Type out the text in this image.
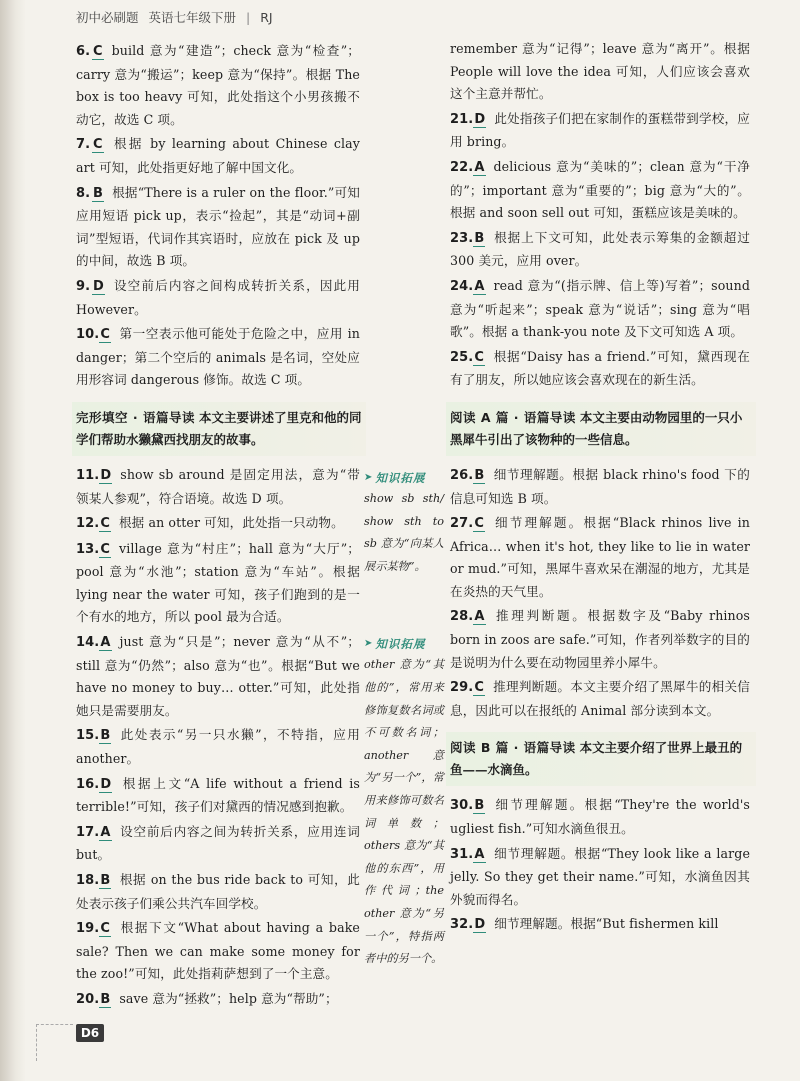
初中必刷题 英语七年级下册 | RJ
6. C build 意为“建造”；check 意为“检查”；carry 意为“搬运”；keep 意为“保持”。根据 The box is too heavy 可知，此处指这个小男孩搬不动它，故选 C 项。
7. C 根据 by learning about Chinese clay art 可知，此处指更好地了解中国文化。
8. B 根据“There is a ruler on the floor.”可知应用短语 pick up，表示“捡起”，其是“动词+副词”型短语，代词作其宾语时，应放在 pick 及 up 的中间，故选 B 项。
9. D 设空前后内容之间构成转折关系，因此用 However。
10.C 第一空表示他可能处于危险之中，应用 in danger；第二个空后的 animals 是名词，空处应用形容词 dangerous 修饰。故选 C 项。
完形填空 · 语篇导读 本文主要讲述了里克和他的同学们帮助水獭黛西找朋友的故事。
11.D show sb around 是固定用法，意为“带领某人参观”，符合语境。故选 D 项。
12.C 根据 an otter 可知，此处指一只动物。
13.C village 意为“村庄”；hall 意为“大厅”；pool 意为“水池”；station 意为“车站”。根据 lying near the water 可知，孩子们跑到的是一个有水的地方，所以 pool 最为合适。
14.A just 意为“只是”；never 意为“从不”；still 意为“仍然”；also 意为“也”。根据“But we have no money to buy… otter.”可知，此处指她只是需要朋友。
15.B 此处表示“另一只水獭”，不特指，应用 another。
16.D 根据上文“A life without a friend is terrible!”可知，孩子们对黛西的情况感到抱歉。
17.A 设空前后内容之间为转折关系，应用连词 but。
18.B 根据 on the bus ride back to 可知，此处表示孩子们乘公共汽车回学校。
19.C 根据下文“What about having a bake sale? Then we can make some money for the zoo!”可知，此处指莉萨想到了一个主意。
20.B save 意为“拯救”；help 意为“帮助”；
➤ 知识拓展
show sb sth/ show sth to sb 意为“向某人展示某物”。
➤ 知识拓展
other 意为“其他的”，常用来修饰复数名词或不可数名词；another 意为“另一个”，常用来修饰可数名词单数；others 意为“其他的东西”，用作代词；the other 意为“另一个”，特指两者中的另一个。
remember 意为“记得”；leave 意为“离开”。根据 People will love the idea 可知，人们应该会喜欢这个主意并帮忙。
21.D 此处指孩子们把在家制作的蛋糕带到学校，应用 bring。
22.A delicious 意为“美味的”；clean 意为“干净的”；important 意为“重要的”；big 意为“大的”。根据 and soon sell out 可知，蛋糕应该是美味的。
23.B 根据上下文可知，此处表示筹集的金额超过 300 美元，应用 over。
24.A read 意为“(指示牌、信上等)写着”；sound 意为“听起来”；speak 意为“说话”；sing 意为“唱歌”。根据 a thank-you note 及下文可知选 A 项。
25.C 根据“Daisy has a friend.”可知，黛西现在有了朋友，所以她应该会喜欢现在的新生活。
阅读 A 篇 · 语篇导读 本文主要由动物园里的一只小黑犀牛引出了该物种的一些信息。
26.B 细节理解题。根据 black rhino's food 下的信息可知选 B 项。
27.C 细节理解题。根据“Black rhinos live in Africa… when it's hot, they like to lie in water or mud.”可知，黑犀牛喜欢呆在潮湿的地方，尤其是在炎热的天气里。
28.A 推理判断题。根据数字及“Baby rhinos born in zoos are safe.”可知，作者列举数字的目的是说明为什么要在动物园里养小犀牛。
29.C 推理判断题。本文主要介绍了黑犀牛的相关信息，因此可以在报纸的 Animal 部分读到本文。
阅读 B 篇 · 语篇导读 本文主要介绍了世界上最丑的鱼——水滴鱼。
30.B 细节理解题。根据“They're the world's ugliest fish.”可知水滴鱼很丑。
31.A 细节理解题。根据“They look like a large jelly. So they get their name.”可知，水滴鱼因其外貌而得名。
32.D 细节理解题。根据“But fishermen kill
D6
